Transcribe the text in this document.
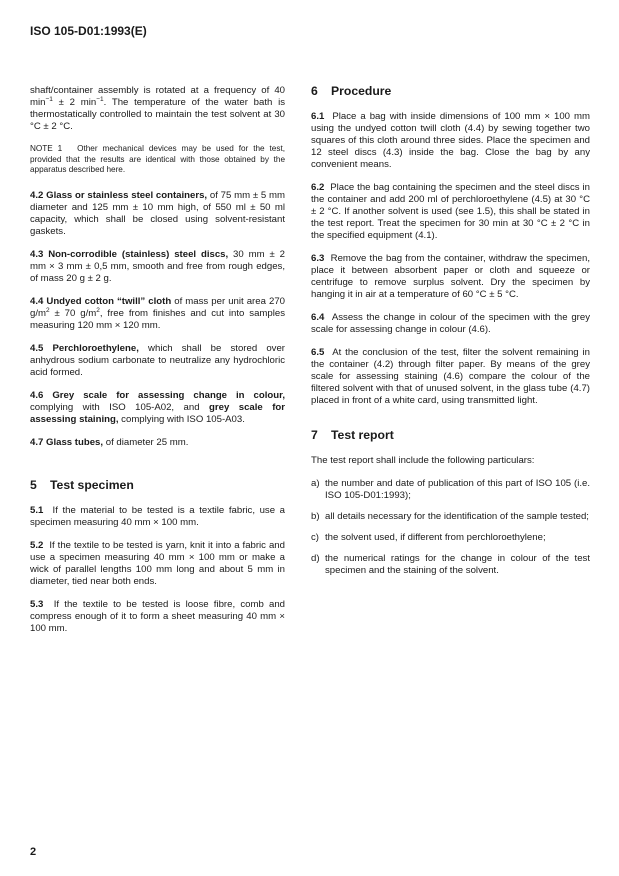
ISO 105-D01:1993(E)

shaft/container assembly is rotated at a frequency of 40 $\min^{-1} \pm 2$ $\min^{-1}$. The temperature of the water bath is thermostatically controlled to maintain the test solvent at 30 °C ± 2 °C.

NOTE 1 Other mechanical devices may be used for the test, provided that the results are identical with those obtained by the apparatus described here.

4.2 Glass or stainless steel containers, of 75 mm ± 5 mm diameter and 125 mm ± 10 mm high, of 550 ml ± 50 ml capacity, which shall be closed using solvent-resistant gaskets.

4.3 Non-corrodible (stainless) steel discs, 30 mm ± 2 mm × 3 mm ± 0,5 mm, smooth and free from rough edges, of mass 20 g ± 2 g.

4.4 Undyed cotton “twill” cloth of mass per unit area 270 $g/m^2 \pm 70$ $g/m^2$, free from finishes and cut into samples measuring 120 mm × 120 mm.

4.5 Perchloroethylene, which shall be stored over anhydrous sodium carbonate to neutralize any hydrochloric acid formed.

4.6 Grey scale for assessing change in colour, complying with ISO 105-A02, and grey scale for assessing staining, complying with ISO 105-A03.

4.7 Glass tubes, of diameter 25 mm.

5 Test specimen

5.1 If the material to be tested is a textile fabric, use a specimen measuring 40 mm × 100 mm.

5.2 If the textile to be tested is yarn, knit it into a fabric and use a specimen measuring 40 mm × 100 mm or make a wick of parallel lengths 100 mm long and about 5 mm in diameter, tied near both ends.

5.3 If the textile to be tested is loose fibre, comb and compress enough of it to form a sheet measuring 40 mm × 100 mm.

6 Procedure

6.1 Place a bag with inside dimensions of 100 mm × 100 mm using the undyed cotton twill cloth (4.4) by sewing together two squares of this cloth around three sides. Place the specimen and 12 steel discs (4.3) inside the bag. Close the bag by any convenient means.

6.2 Place the bag containing the specimen and the steel discs in the container and add 200 ml of perchloroethylene (4.5) at 30 °C ± 2 °C. If another solvent is used (see 1.5), this shall be stated in the test report. Treat the specimen for 30 min at 30 °C ± 2 °C in the specified equipment (4.1).

6.3 Remove the bag from the container, withdraw the specimen, place it between absorbent paper or cloth and squeeze or centrifuge to remove surplus solvent. Dry the specimen by hanging it in air at a temperature of 60 °C ± 5 °C.

6.4 Assess the change in colour of the specimen with the grey scale for assessing change in colour (4.6).

6.5 At the conclusion of the test, filter the solvent remaining in the container (4.2) through filter paper. By means of the grey scale for assessing staining (4.6) compare the colour of the filtered solvent with that of unused solvent, in the glass tube (4.7) placed in front of a white card, using transmitted light.

7 Test report

The test report shall include the following particulars:

a) the number and date of publication of this part of ISO 105 (i.e. ISO 105-D01:1993);
b) all details necessary for the identification of the sample tested;
c) the solvent used, if different from perchloroethylene;
d) the numerical ratings for the change in colour of the test specimen and the staining of the solvent.
2
